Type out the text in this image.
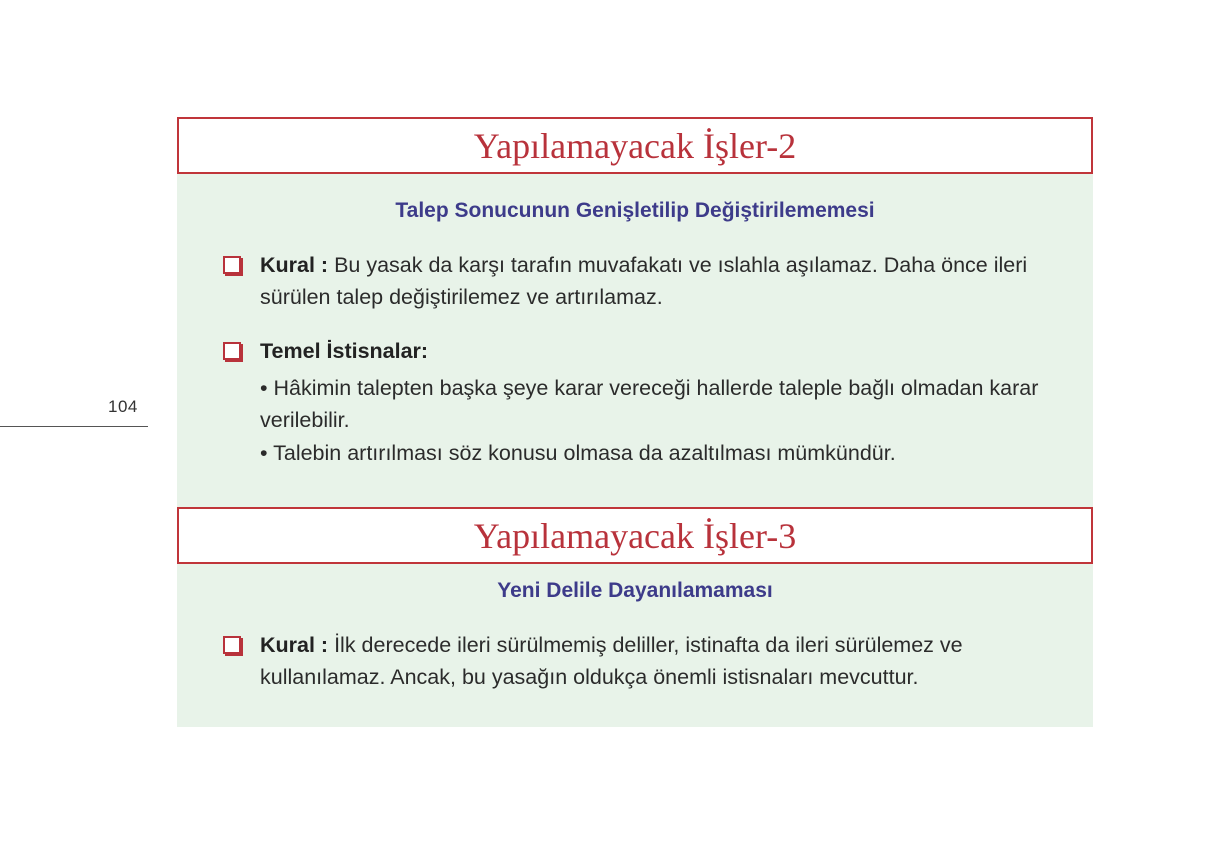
104
Yapılamayacak İşler-2
Talep Sonucunun Genişletilip Değiştirilememesi
Kural : Bu yasak da karşı tarafın muvafakatı ve ıslahla aşılamaz. Daha önce ileri sürülen talep değiştirilemez ve artırılamaz.
Temel İstisnalar:
• Hâkimin talepten başka şeye karar vereceği hallerde taleple bağlı olmadan karar verilebilir.
• Talebin artırılması söz konusu olmasa da azaltılması mümkündür.
Yapılamayacak İşler-3
Yeni Delile Dayanılamaması
Kural : İlk derecede ileri sürülmemiş deliller, istinafta da ileri sürülemez ve kullanılamaz. Ancak, bu yasağın oldukça önemli istisnaları mevcuttur.
